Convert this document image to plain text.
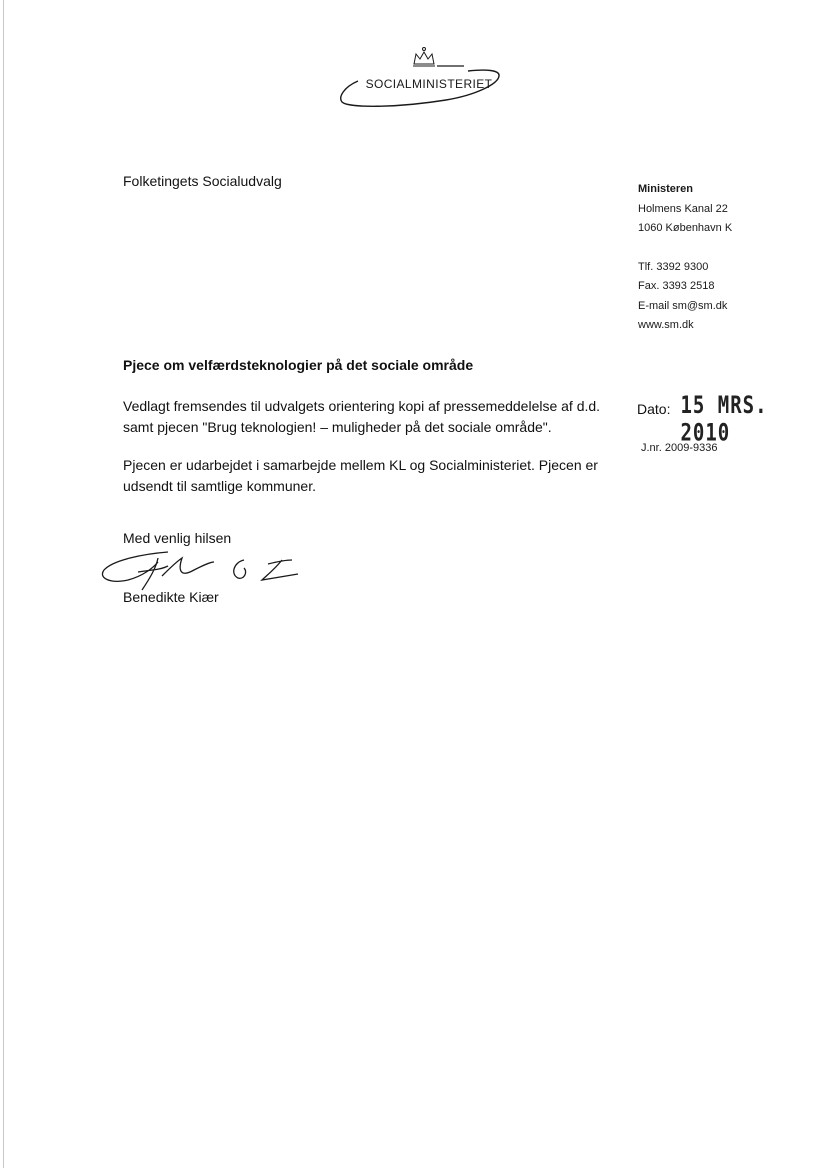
SOCIALMINISTERIET
Folketingets Socialudvalg	Ministeren
Holmens Kanal 22
1060 København K
Tlf. 3392 9300
Fax. 3393 2518
E-mail sm@sm.dk
www.sm.dk
Pjece om velfærdsteknologier på det sociale område
Vedlagt fremsendes til udvalgets orientering kopi af pressemeddelelse af d.d.
samt pjecen "Brug teknologien! – muligheder på det sociale område".
Pjecen er udarbejdet i samarbejde mellem KL og Socialministeriet. Pjecen er
udsendt til samtlige kommuner.
Dato: 15 MRS. 2010
J.nr. 2009-9336
Med venlig hilsen
Benedikte Kiær
